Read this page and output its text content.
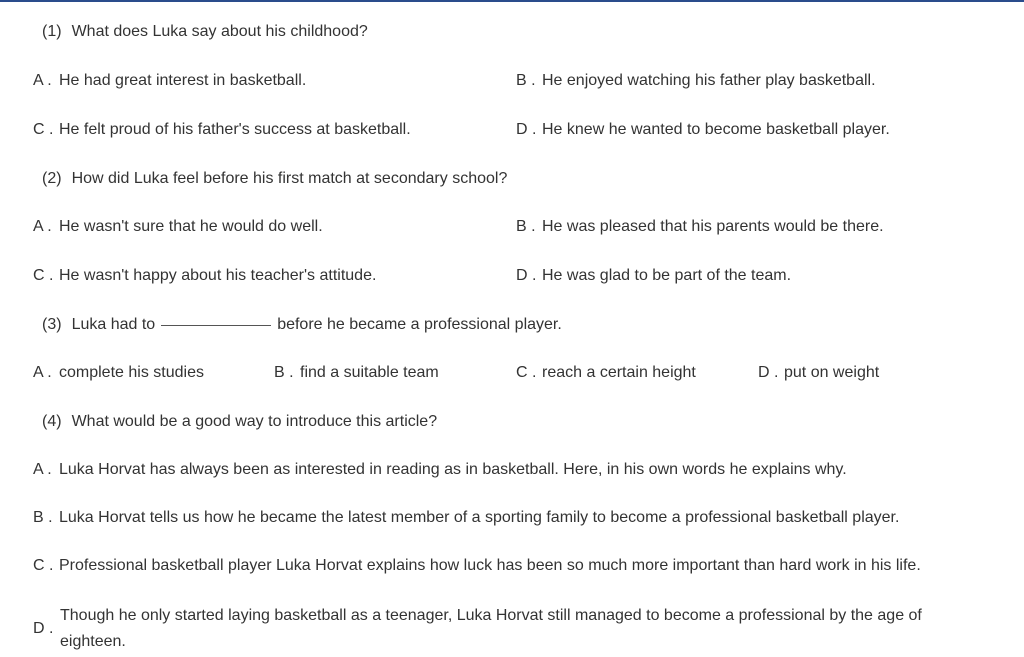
(1) What does Luka say about his childhood?
A . He had great interest in basketball.	B . He enjoyed watching his father play basketball.
C . He felt proud of his father's success at basketball.	D . He knew he wanted to become basketball player.
(2) How did Luka feel before his first match at secondary school?
A . He wasn't sure that he would do well.	B . He was pleased that his parents would be there.
C . He wasn't happy about his teacher's attitude.	D . He was glad to be part of the team.
(3) Luka had to	before he became a professional player.
A . complete his studies	B . find a suitable team	C . reach a certain height	D . put on weight
(4) What would be a good way to introduce this article?
A . Luka Horvat has always been as interested in reading as in basketball. Here, in his own words he explains why.
B . Luka Horvat tells us how he became the latest member of a sporting family to become a professional basketball player.
C . Professional basketball player Luka Horvat explains how luck has been so much more important than hard work in his life.
D .
Though he only started laying basketball as a teenager, Luka Horvat still managed to become a professional by the age of eighteen.
